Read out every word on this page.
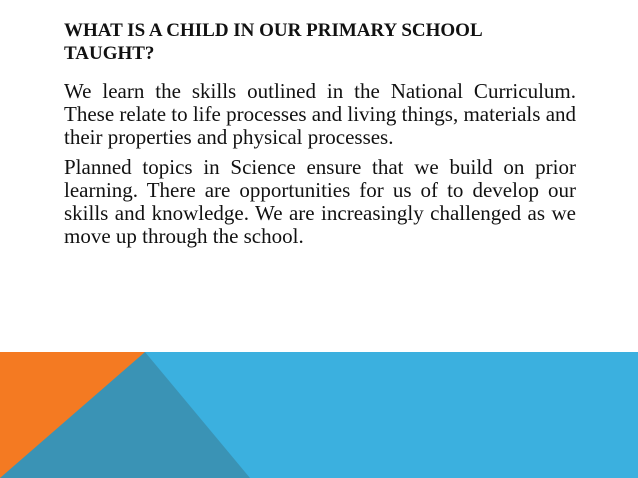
WHAT IS A CHILD IN OUR PRIMARY SCHOOL TAUGHT?

We learn the skills outlined in the National Curriculum. These relate to life processes and living things, materials and their properties and physical processes.

Planned topics in Science ensure that we build on prior learning. There are opportunities for us of to develop our skills and knowledge. We are increasingly challenged as we move up through the school.
